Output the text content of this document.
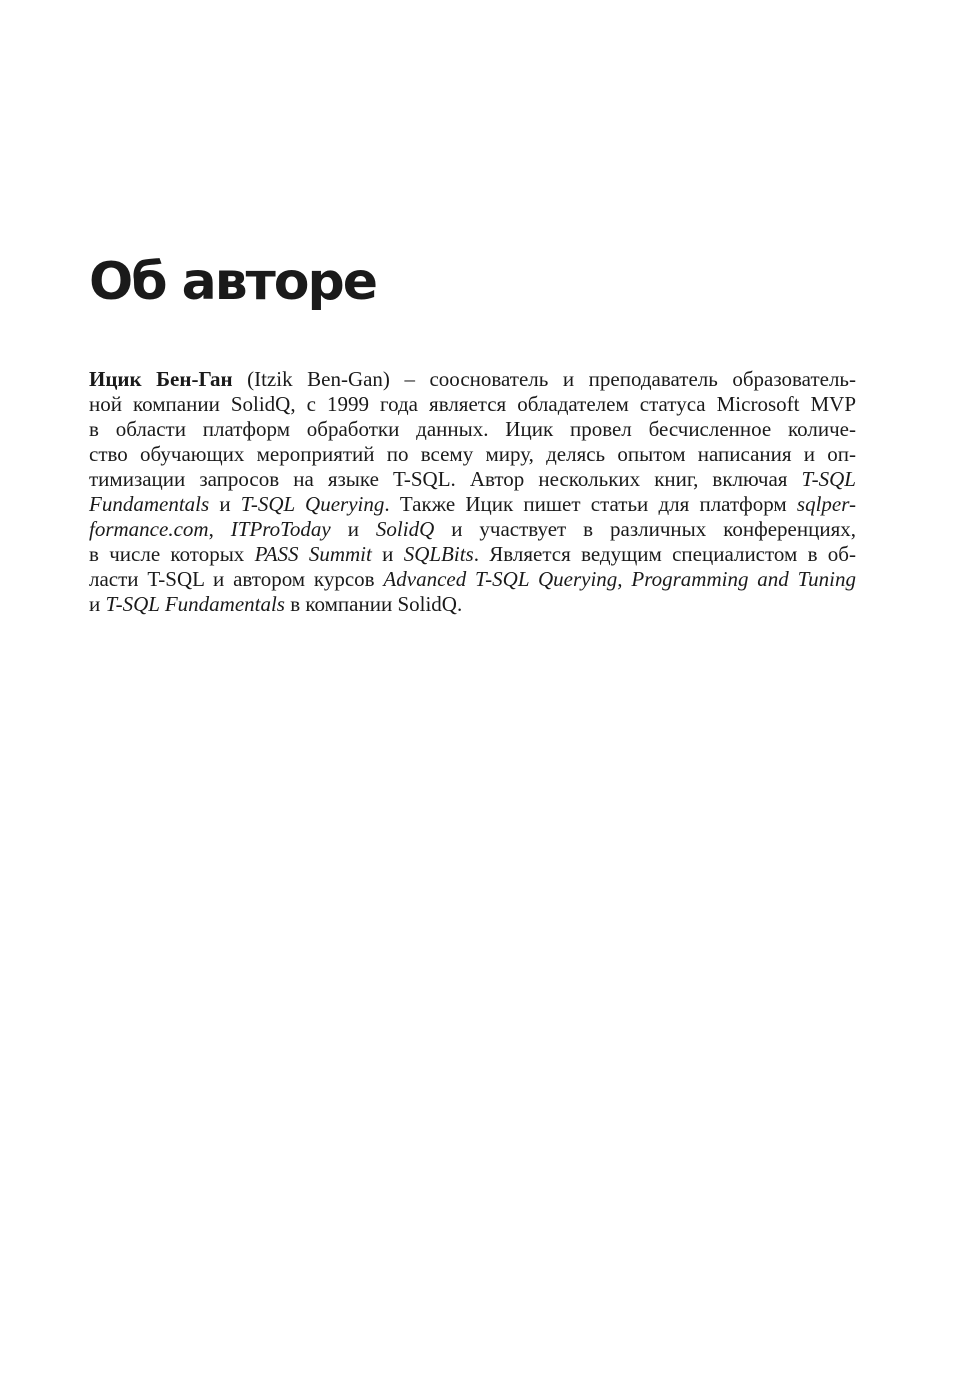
Об авторе
Ицик Бен-Ган (Itzik Ben-Gan) – сооснователь и преподаватель образователь-
ной компании SolidQ, с 1999 года является обладателем статуса Microsoft MVP
в области платформ обработки данных. Ицик провел бесчисленное количе-
ство обучающих мероприятий по всему миру, делясь опытом написания и оп-
тимизации запросов на языке T-SQL. Автор нескольких книг, включая T-SQL
Fundamentals и T-SQL Querying. Также Ицик пишет статьи для платформ sqlper-
formance.com, ITProToday и SolidQ и участвует в различных конференциях,
в числе которых PASS Summit и SQLBits. Является ведущим специалистом в об-
ласти T-SQL и автором курсов Advanced T-SQL Querying, Programming and Tuning
и T-SQL Fundamentals в компании SolidQ.
